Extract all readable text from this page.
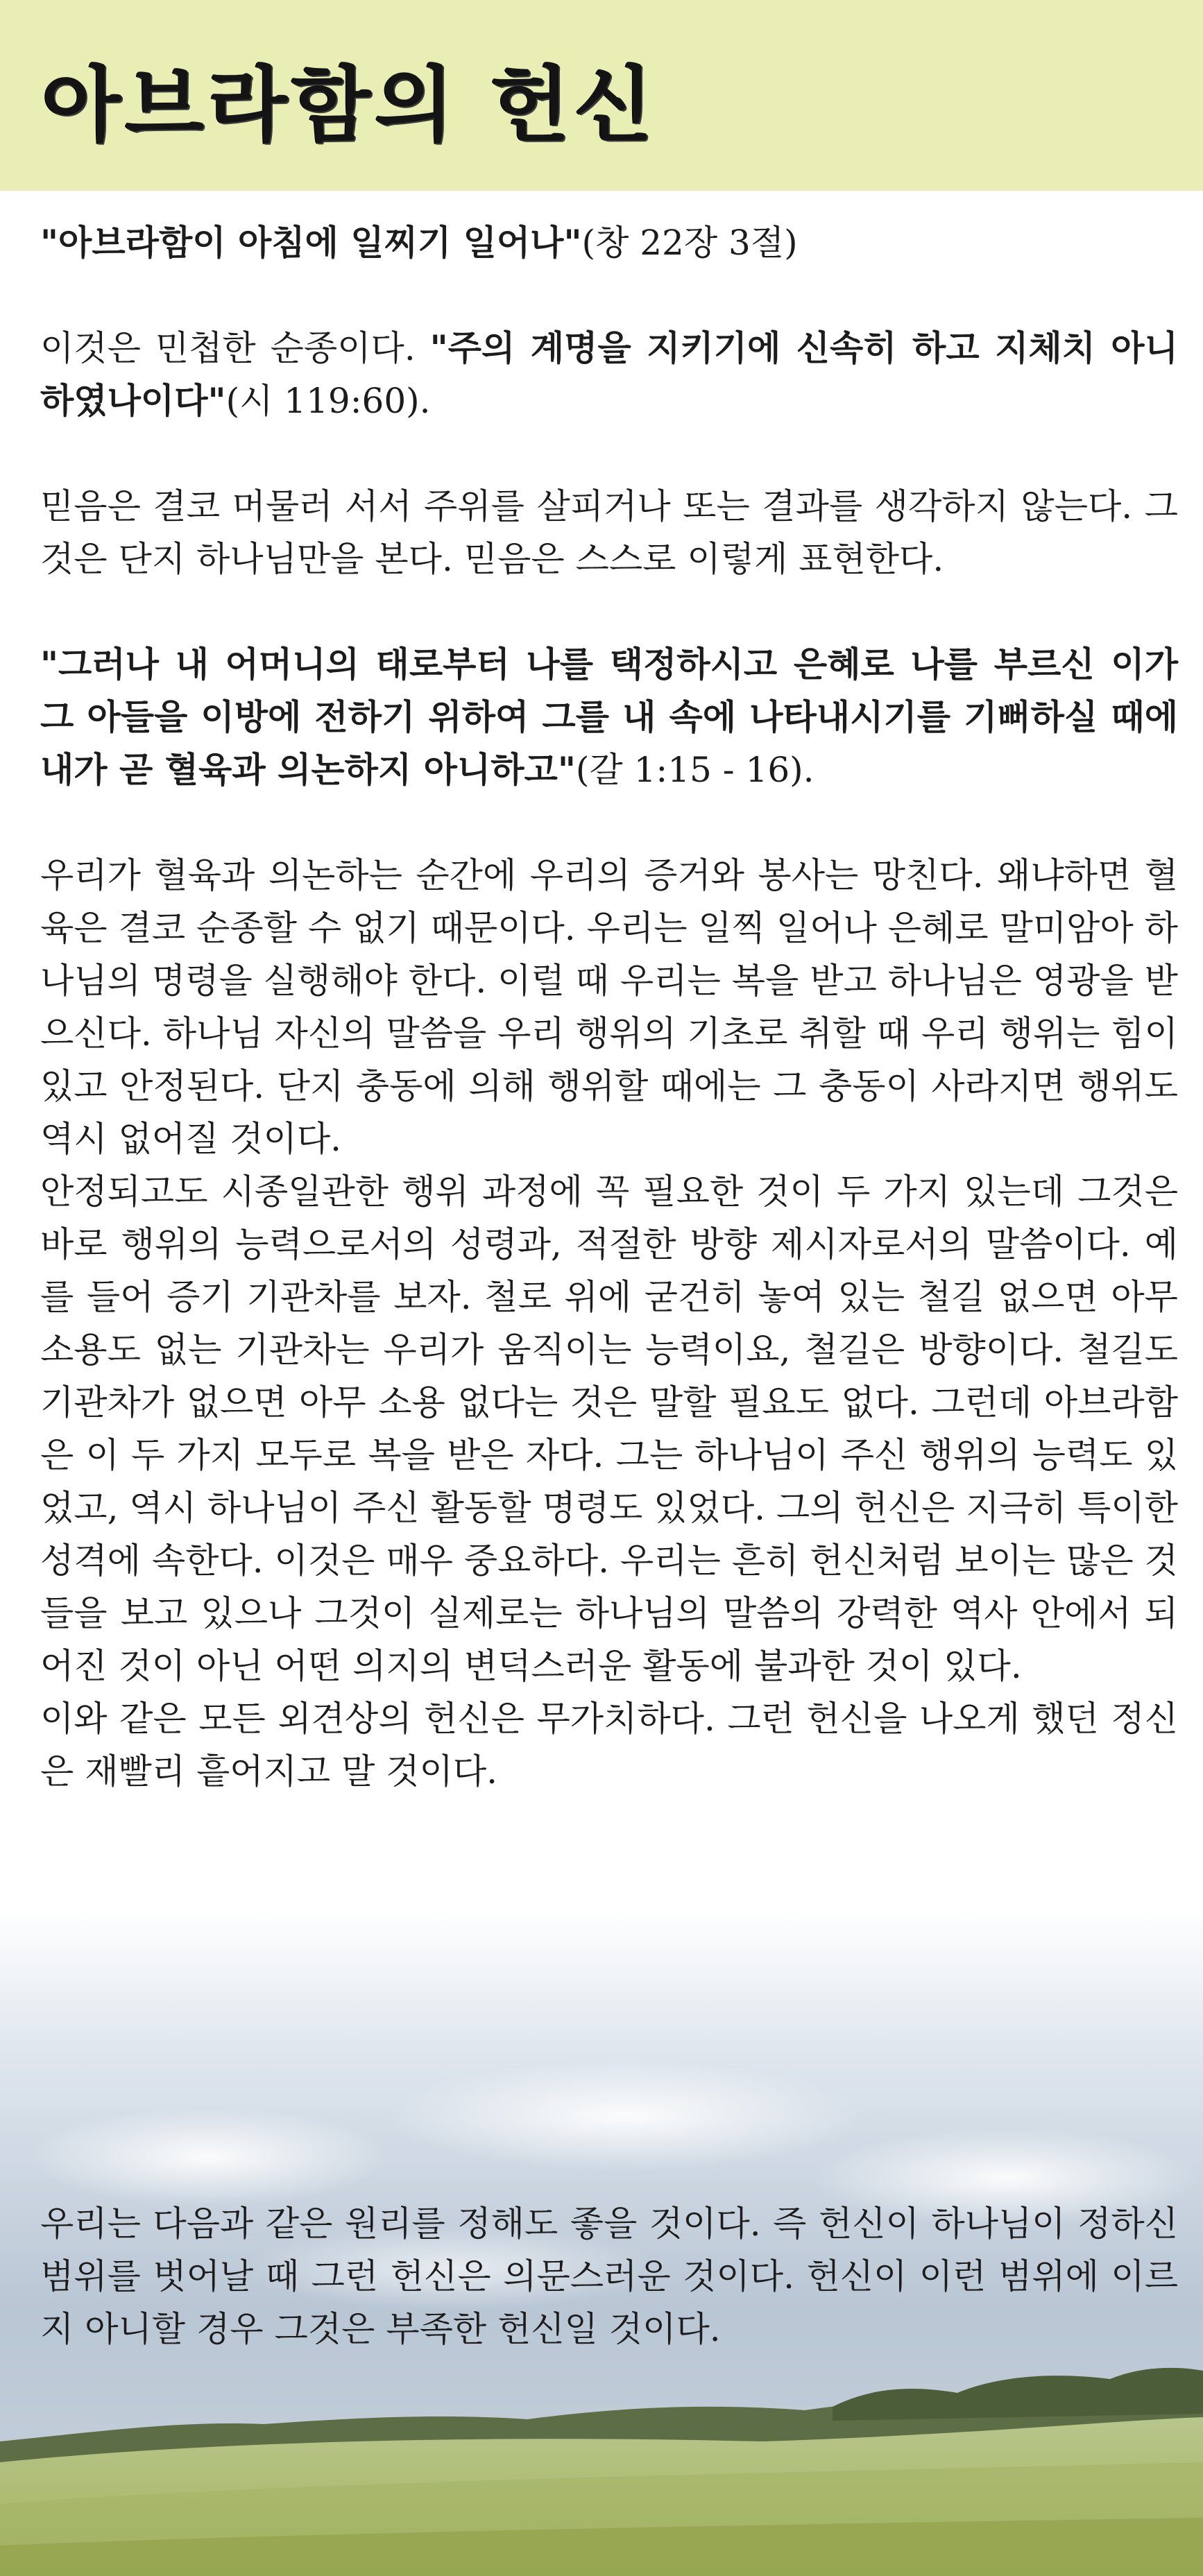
아브라함의 헌신

"아브라함이 아침에 일찌기 일어나"(창 22장 3절)

이것은 민첩한 순종이다. "주의 계명을 지키기에 신속히 하고 지체치 아니하였나이다"(시 119:60).

믿음은 결코 머물러 서서 주위를 살피거나 또는 결과를 생각하지 않는다. 그것은 단지 하나님만을 본다. 믿음은 스스로 이렇게 표현한다.

"그러나 내 어머니의 태로부터 나를 택정하시고 은혜로 나를 부르신 이가 그 아들을 이방에 전하기 위하여 그를 내 속에 나타내시기를 기뻐하실 때에 내가 곧 혈육과 의논하지 아니하고"(갈 1:15 - 16).

우리가 혈육과 의논하는 순간에 우리의 증거와 봉사는 망친다. 왜냐하면 혈육은 결코 순종할 수 없기 때문이다. 우리는 일찍 일어나 은혜로 말미암아 하나님의 명령을 실행해야 한다. 이럴 때 우리는 복을 받고 하나님은 영광을 받으신다. 하나님 자신의 말씀을 우리 행위의 기초로 취할 때 우리 행위는 힘이 있고 안정된다. 단지 충동에 의해 행위할 때에는 그 충동이 사라지면 행위도 역시 없어질 것이다.

안정되고도 시종일관한 행위 과정에 꼭 필요한 것이 두 가지 있는데 그것은 바로 행위의 능력으로서의 성령과, 적절한 방향 제시자로서의 말씀이다. 예를 들어 증기 기관차를 보자. 철로 위에 굳건히 놓여 있는 철길 없으면 아무 소용도 없는 기관차는 우리가 움직이는 능력이요, 철길은 방향이다. 철길도 기관차가 없으면 아무 소용 없다는 것은 말할 필요도 없다. 그런데 아브라함은 이 두 가지 모두로 복을 받은 자다. 그는 하나님이 주신 행위의 능력도 있었고, 역시 하나님이 주신 활동할 명령도 있었다. 그의 헌신은 지극히 특이한 성격에 속한다. 이것은 매우 중요하다. 우리는 흔히 헌신처럼 보이는 많은 것들을 보고 있으나 그것이 실제로는 하나님의 말씀의 강력한 역사 안에서 되어진 것이 아닌 어떤 의지의 변덕스러운 활동에 불과한 것이 있다.

이와 같은 모든 외견상의 헌신은 무가치하다. 그런 헌신을 나오게 했던 정신은 재빨리 흩어지고 말 것이다.

우리는 다음과 같은 원리를 정해도 좋을 것이다. 즉 헌신이 하나님이 정하신 범위를 벗어날 때 그런 헌신은 의문스러운 것이다. 헌신이 이런 범위에 이르지 아니할 경우 그것은 부족한 헌신일 것이다.
